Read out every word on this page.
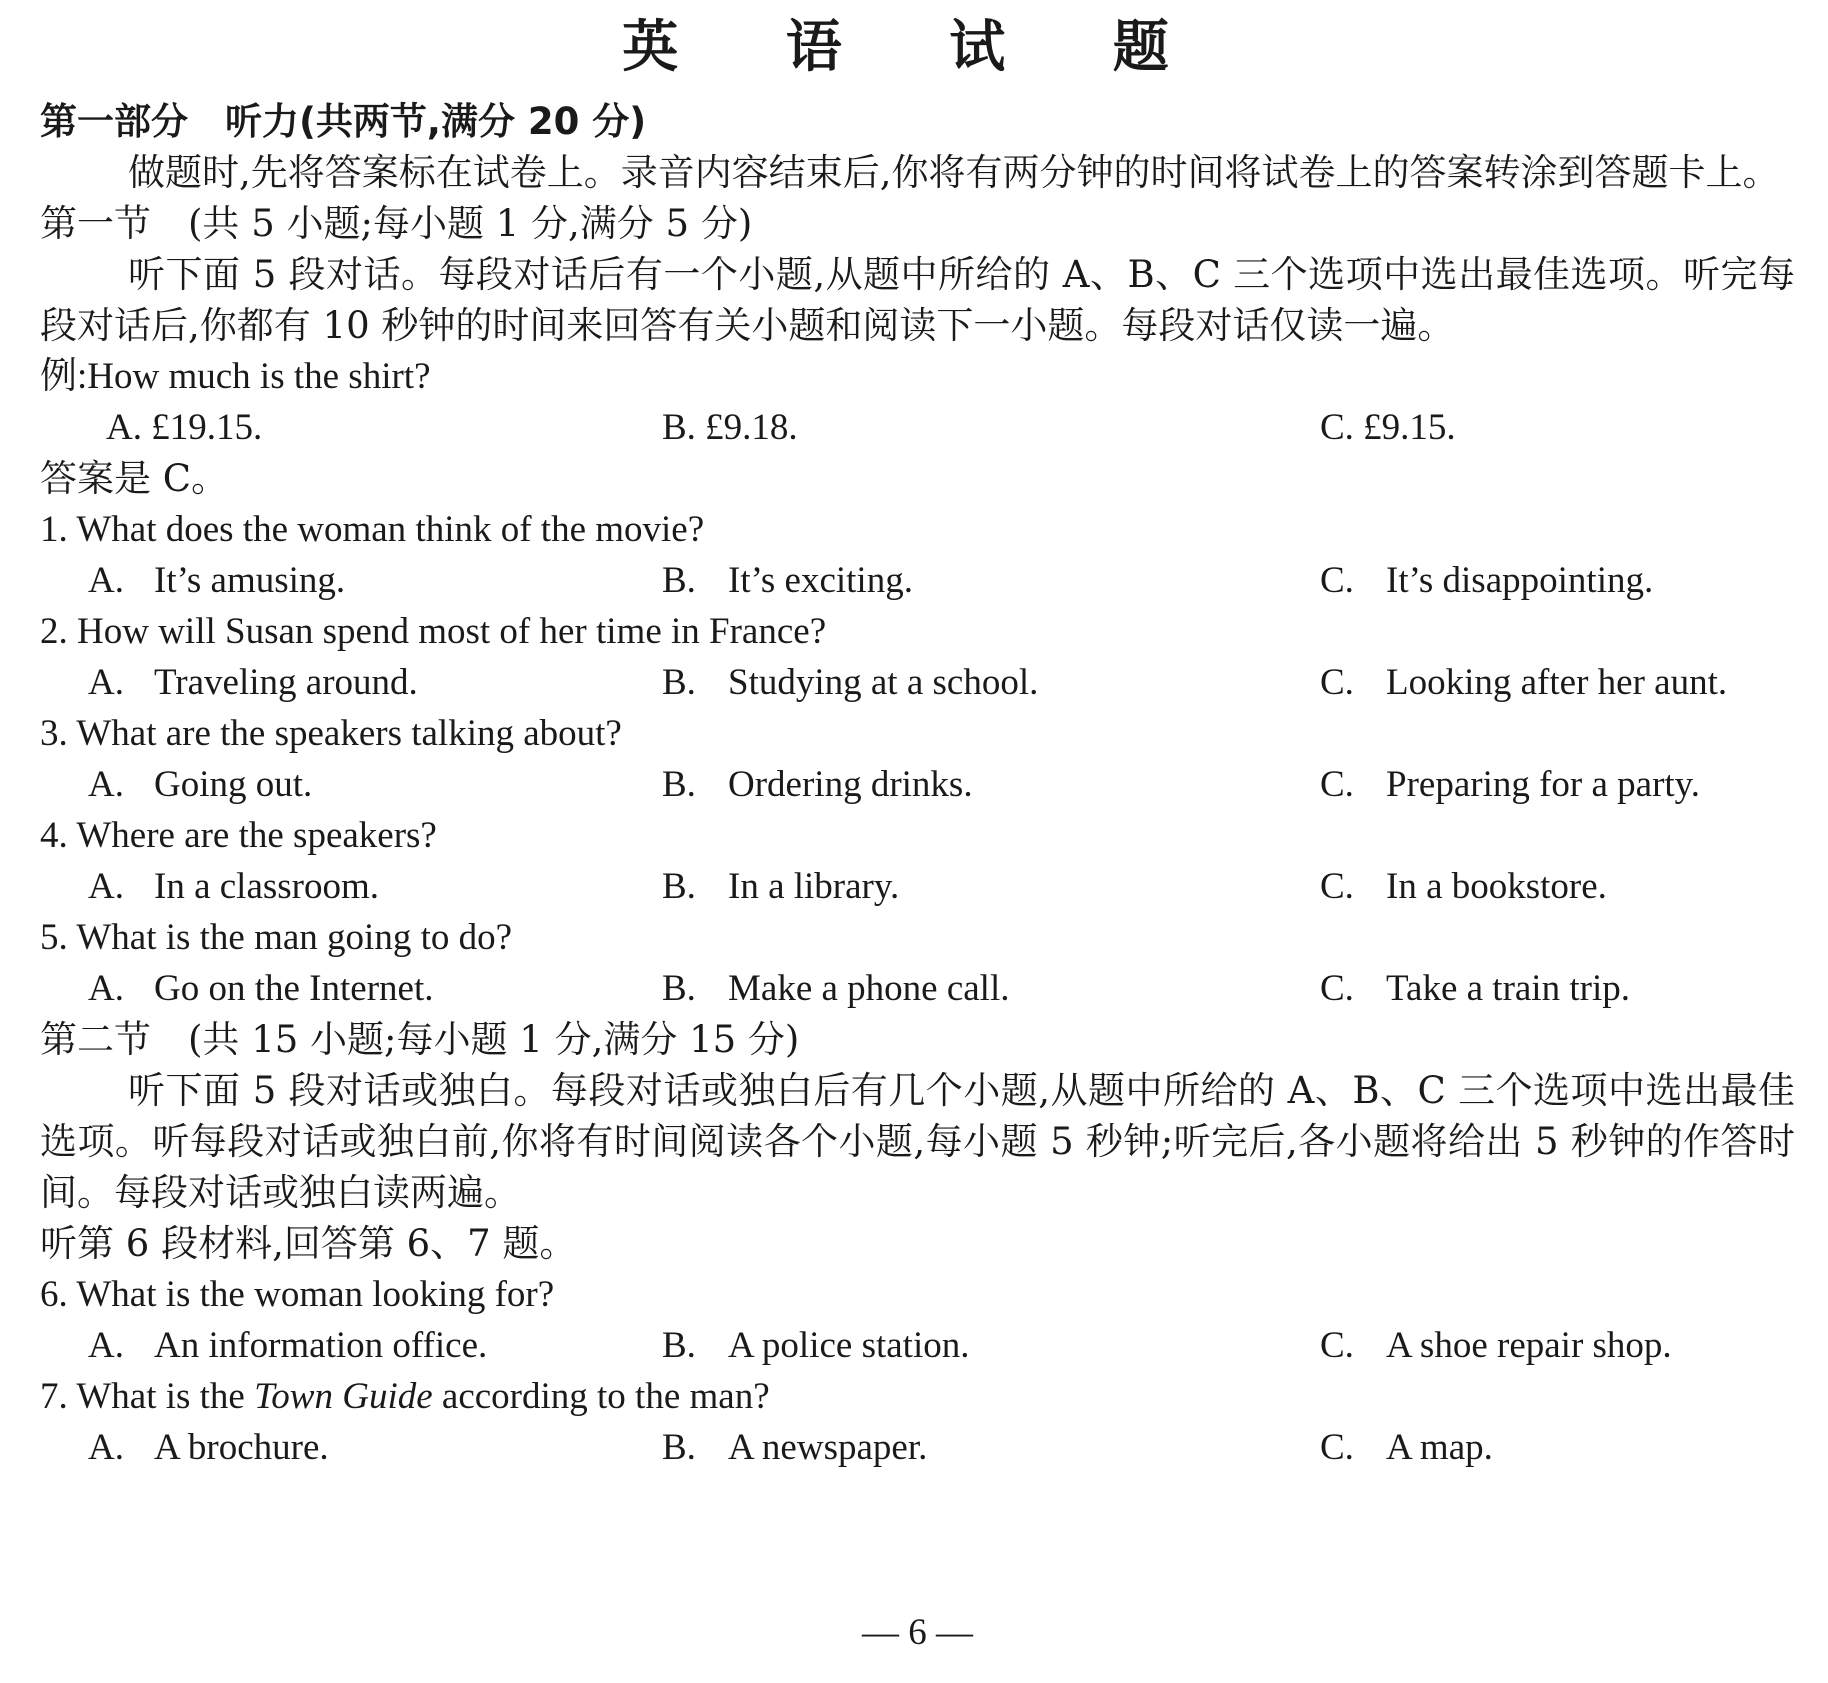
英 语 试 题
第一部分　听力(共两节,满分 20 分)
做题时,先将答案标在试卷上。录音内容结束后,你将有两分钟的时间将试卷上的答案转涂到答题卡上。
第一节　(共 5 小题;每小题 1 分,满分 5 分)
听下面 5 段对话。每段对话后有一个小题,从题中所给的 A、B、C 三个选项中选出最佳选项。听完每段对话后,你都有 10 秒钟的时间来回答有关小题和阅读下一小题。每段对话仅读一遍。
例:How much is the shirt?
A. £19.15.	B. £9.18.	C. £9.15.
答案是 C。
1. What does the woman think of the movie?
A. It’s amusing.	B. It’s exciting.	C. It’s disappointing.
2. How will Susan spend most of her time in France?
A. Traveling around.	B. Studying at a school.	C. Looking after her aunt.
3. What are the speakers talking about?
A. Going out.	B. Ordering drinks.	C. Preparing for a party.
4. Where are the speakers?
A. In a classroom.	B. In a library.	C. In a bookstore.
5. What is the man going to do?
A. Go on the Internet.	B. Make a phone call.	C. Take a train trip.
第二节　(共 15 小题;每小题 1 分,满分 15 分)
听下面 5 段对话或独白。每段对话或独白后有几个小题,从题中所给的 A、B、C 三个选项中选出最佳选项。听每段对话或独白前,你将有时间阅读各个小题,每小题 5 秒钟;听完后,各小题将给出 5 秒钟的作答时间。每段对话或独白读两遍。
听第 6 段材料,回答第 6、7 题。
6. What is the woman looking for?
A. An information office.	B. A police station.	C. A shoe repair shop.
7. What is the Town Guide according to the man?
A. A brochure.	B. A newspaper.	C. A map.
— 6 —
